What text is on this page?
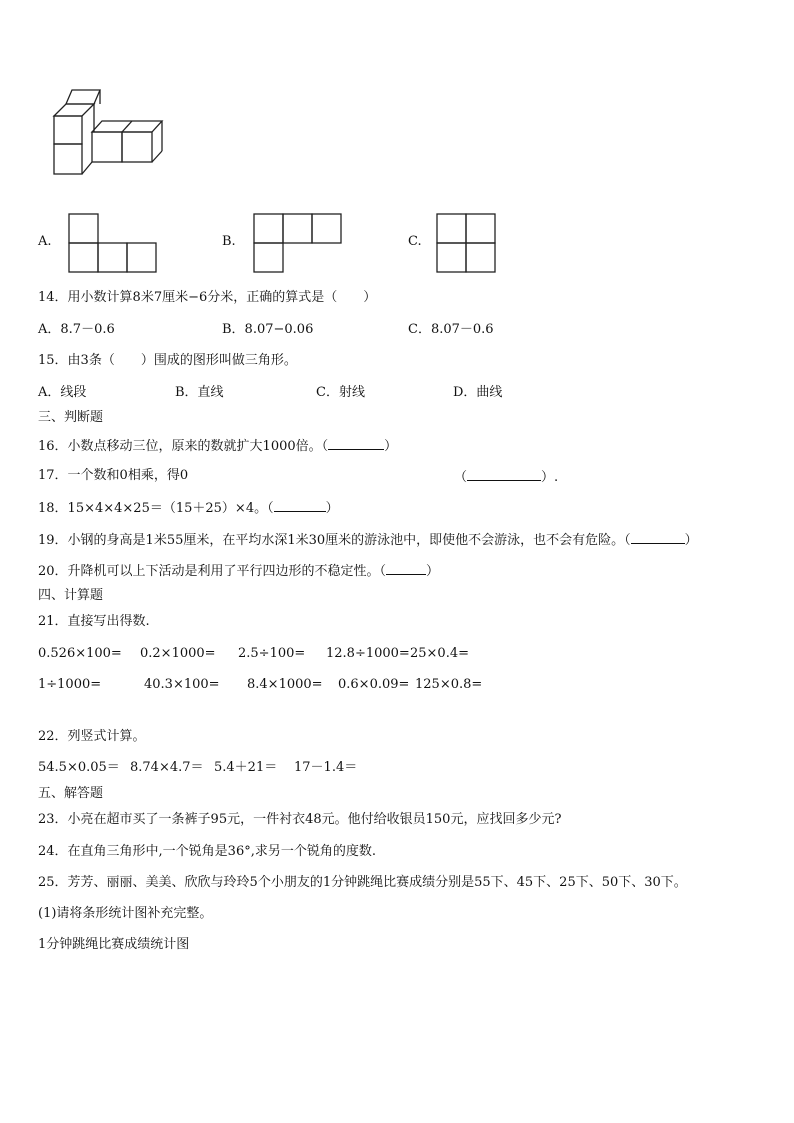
A.	B.	C.
14．用小数计算8米7厘米−6分米，正确的算式是（　　）
A．8.7－0.6	B．8.07−0.06	C．8.07－0.6
15．由3条（　　）围成的图形叫做三角形。
A．线段	B．直线	C．射线	D．曲线
三、判断题
16．小数点移动三位，原来的数就扩大1000倍。（	）
17．一个数和0相乘，得0	（	）.
18．15×4×4×25＝（15＋25）×4。（	）
19．小钢的身高是1米55厘米，在平均水深1米30厘米的游泳池中，即使他不会游泳，也不会有危险。（	）
20．升降机可以上下活动是利用了平行四边形的不稳定性。（	）
四、计算题
21．直接写出得数.
0.526×100= 0.2×1000= 2.5÷100= 12.8÷1000= 25×0.4=
1÷1000=	40.3×100= 8.4×1000= 0.6×0.09= 125×0.8=
22．列竖式计算。
54.5×0.05＝ 8.74×4.7＝ 5.4＋21＝ 17－1.4＝
五、解答题
23．小亮在超市买了一条裤子95元，一件衬衣48元。他付给收银员150元，应找回多少元?
24．在直角三角形中,一个锐角是36°,求另一个锐角的度数.
25．芳芳、丽丽、美美、欣欣与玲玲5个小朋友的1分钟跳绳比赛成绩分别是55下、45下、25下、50下、30下。
(1)请将条形统计图补充完整。
1分钟跳绳比赛成绩统计图
